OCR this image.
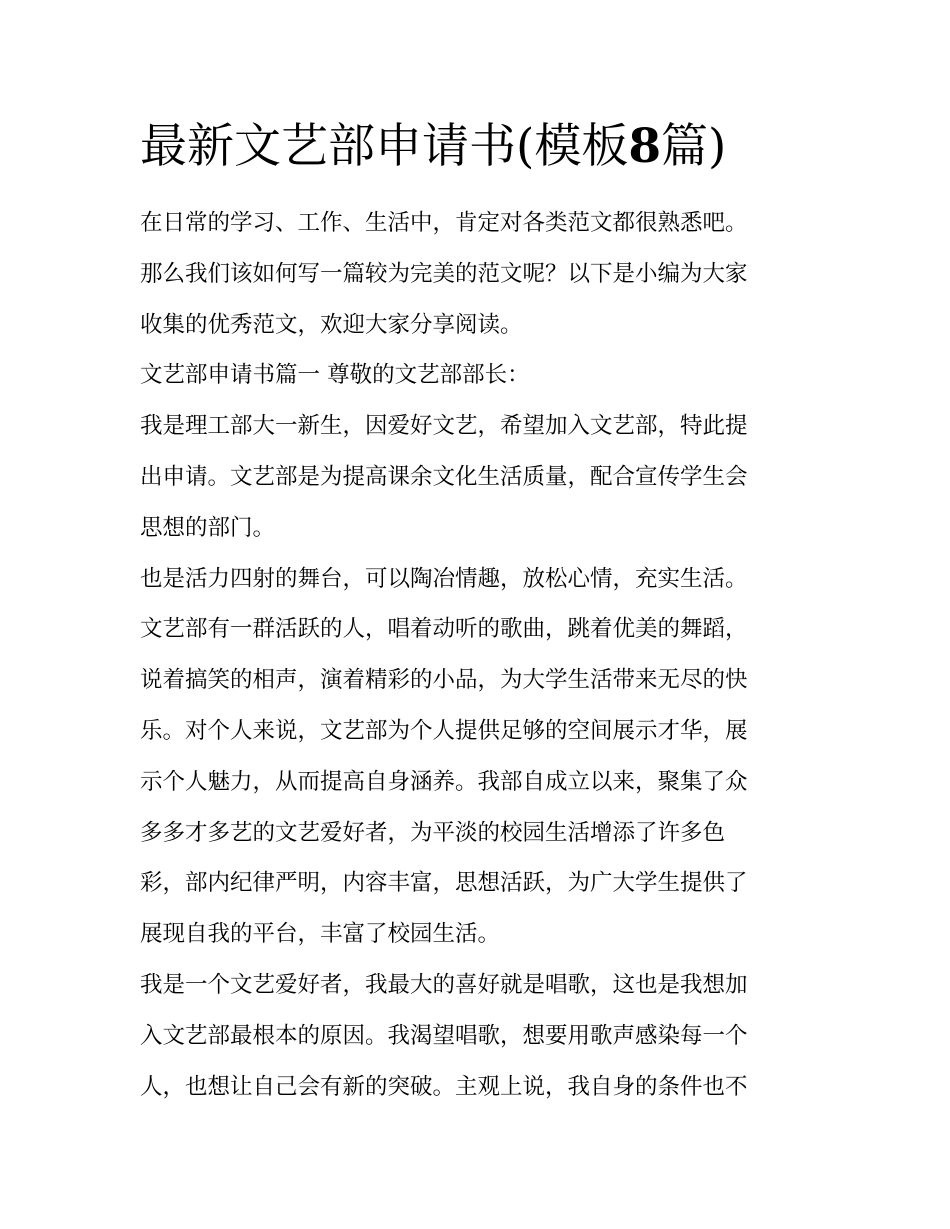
最新文艺部申请书(模板8篇)
在日常的学习、工作、生活中，肯定对各类范文都很熟悉吧。
那么我们该如何写一篇较为完美的范文呢？以下是小编为大家
收集的优秀范文，欢迎大家分享阅读。
文艺部申请书篇一 尊敬的文艺部部长：
我是理工部大一新生，因爱好文艺，希望加入文艺部，特此提
出申请。文艺部是为提高课余文化生活质量，配合宣传学生会
思想的部门。
也是活力四射的舞台，可以陶冶情趣，放松心情，充实生活。
文艺部有一群活跃的人，唱着动听的歌曲，跳着优美的舞蹈，
说着搞笑的相声，演着精彩的小品，为大学生活带来无尽的快
乐。对个人来说，文艺部为个人提供足够的空间展示才华，展
示个人魅力，从而提高自身涵养。我部自成立以来，聚集了众
多多才多艺的文艺爱好者，为平淡的校园生活增添了许多色
彩，部内纪律严明，内容丰富，思想活跃，为广大学生提供了
展现自我的平台，丰富了校园生活。
我是一个文艺爱好者，我最大的喜好就是唱歌，这也是我想加
入文艺部最根本的原因。我渴望唱歌，想要用歌声感染每一个
人，也想让自己会有新的突破。主观上说，我自身的条件也不
